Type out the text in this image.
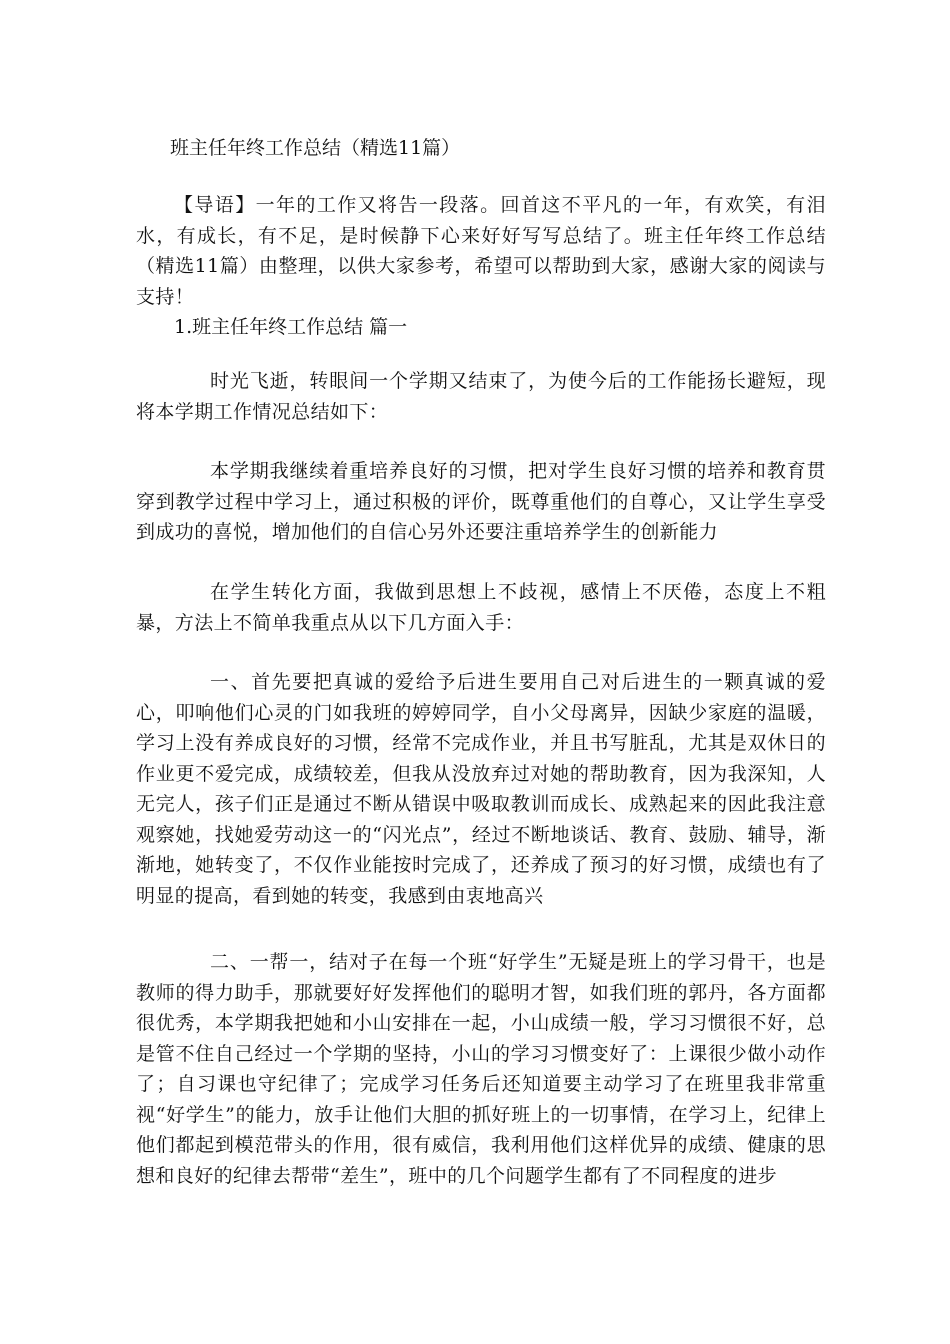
班主任年终工作总结（精选11篇）

【导语】一年的工作又将告一段落。回首这不平凡的一年，有欢笑，有泪水，有成长，有不足，是时候静下心来好好写写总结了。班主任年终工作总结（精选11篇）由整理，以供大家参考，希望可以帮助到大家，感谢大家的阅读与支持！

1.班主任年终工作总结 篇一

时光飞逝，转眼间一个学期又结束了，为使今后的工作能扬长避短，现将本学期工作情况总结如下：

本学期我继续着重培养良好的习惯，把对学生良好习惯的培养和教育贯穿到教学过程中学习上，通过积极的评价，既尊重他们的自尊心，又让学生享受到成功的喜悦，增加他们的自信心另外还要注重培养学生的创新能力

在学生转化方面，我做到思想上不歧视，感情上不厌倦，态度上不粗暴，方法上不简单我重点从以下几方面入手：

一、首先要把真诚的爱给予后进生要用自己对后进生的一颗真诚的爱心，叩响他们心灵的门如我班的婷婷同学，自小父母离异，因缺少家庭的温暖，学习上没有养成良好的习惯，经常不完成作业，并且书写脏乱，尤其是双休日的作业更不爱完成，成绩较差，但我从没放弃过对她的帮助教育，因为我深知，人无完人，孩子们正是通过不断从错误中吸取教训而成长、成熟起来的因此我注意观察她，找她爱劳动这一的“闪光点”，经过不断地谈话、教育、鼓励、辅导，渐渐地，她转变了，不仅作业能按时完成了，还养成了预习的好习惯，成绩也有了明显的提高，看到她的转变，我感到由衷地高兴

二、一帮一，结对子在每一个班“好学生”无疑是班上的学习骨干，也是教师的得力助手，那就要好好发挥他们的聪明才智，如我们班的郭丹，各方面都很优秀，本学期我把她和小山安排在一起，小山成绩一般，学习习惯很不好，总是管不住自己经过一个学期的坚持，小山的学习习惯变好了：上课很少做小动作了；自习课也守纪律了；完成学习任务后还知道要主动学习了在班里我非常重视“好学生”的能力，放手让他们大胆的抓好班上的一切事情，在学习上，纪律上他们都起到模范带头的作用，很有威信，我利用他们这样优异的成绩、健康的思想和良好的纪律去帮带“差生”，班中的几个问题学生都有了不同程度的进步
